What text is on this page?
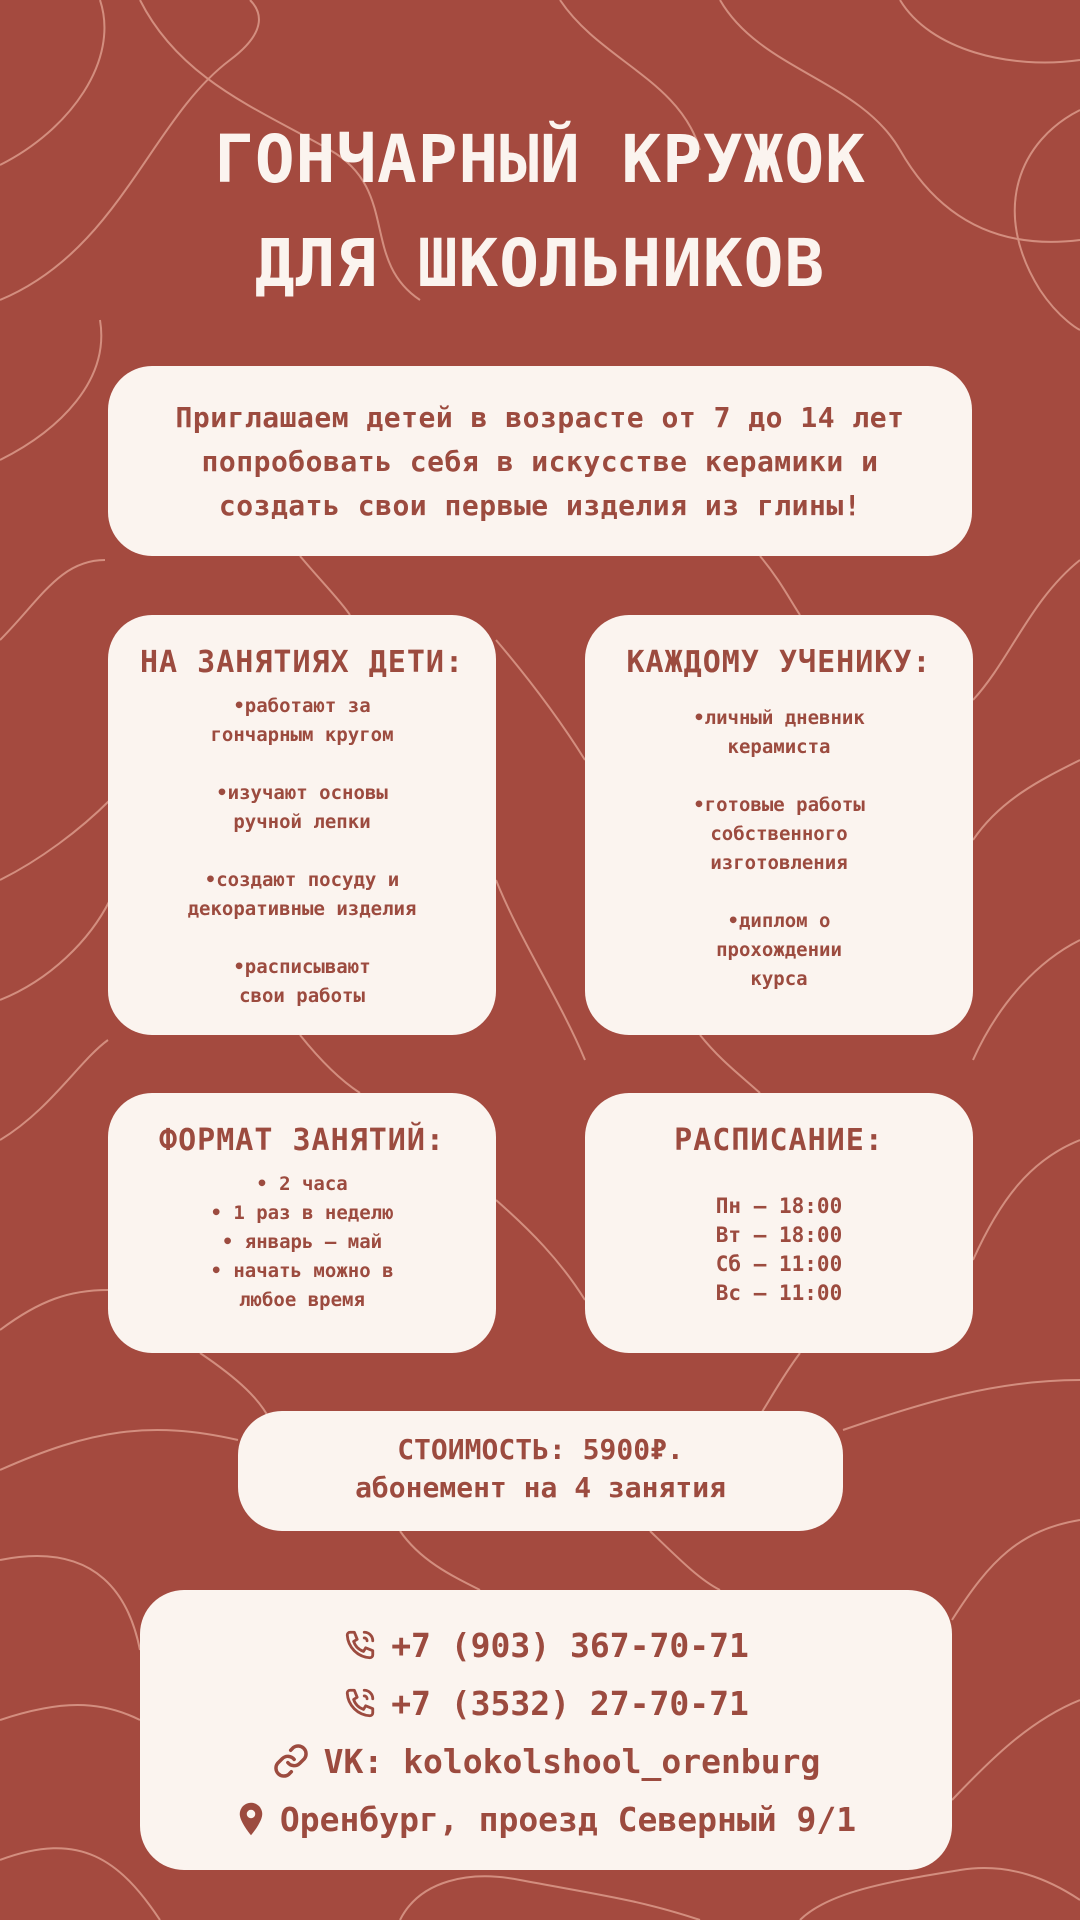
ГОНЧАРНЫЙ КРУЖОК
ДЛЯ ШКОЛЬНИКОВ
Приглашаем детей в возрасте от 7 до 14 лет
попробовать себя в искусстве керамики и
создать свои первые изделия из глины!
НА ЗАНЯТИЯХ ДЕТИ:
•работают за
гончарным кругом
•изучают основы
ручной лепки
•создают посуду и
декоративные изделия
•расписывают
свои работы
КАЖДОМУ УЧЕНИКУ:
•личный дневник
керамиста
•готовые работы
собственного
изготовления
•диплом о
прохождении
курса
ФОРМАТ ЗАНЯТИЙ:
• 2 часа
• 1 раз в неделю
• январь – май
• начать можно в
любое время
РАСПИСАНИЕ:
Пн – 18:00
Вт – 18:00
Сб – 11:00
Вс – 11:00
СТОИМОСТЬ: 5900₽.
абонемент на 4 занятия
+7 (903) 367-70-71
+7 (3532) 27-70-71
VK: kolokolshool_orenburg
Оренбург, проезд Северный 9/1
